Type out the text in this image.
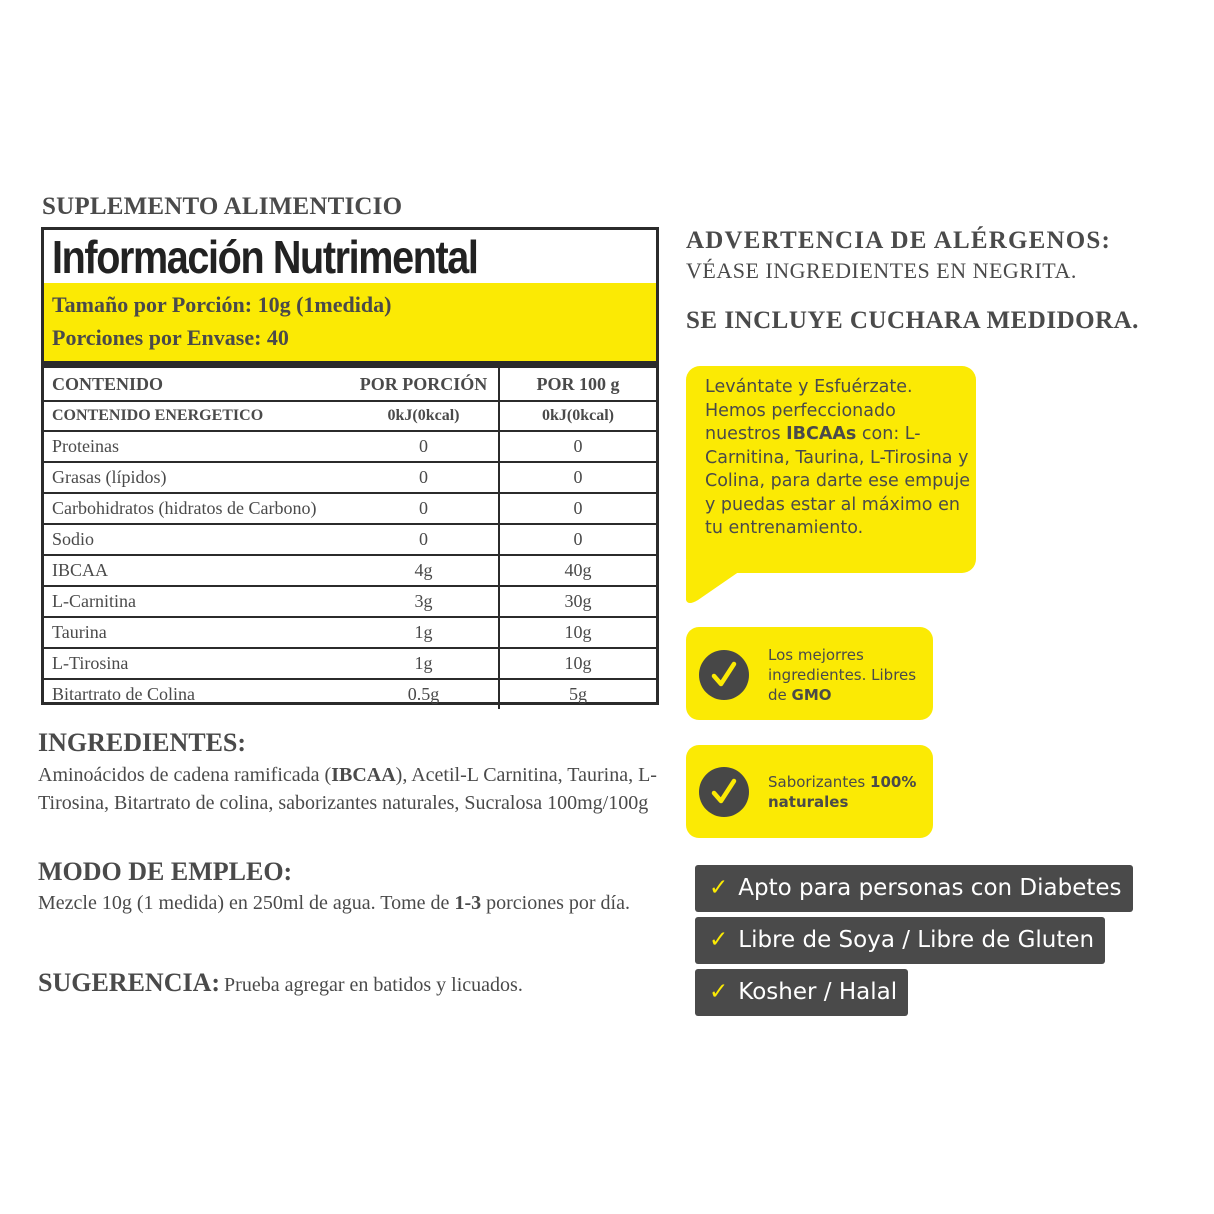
SUPLEMENTO ALIMENTICIO
Información Nutrimental
Tamaño por Porción: 10g (1medida)
Porciones por Envase: 40
CONTENIDO	POR PORCIÓN	POR 100 g
CONTENIDO ENERGETICO	0kJ(0kcal)	0kJ(0kcal)
Proteinas	0	0
Grasas (lípidos)	0	0
Carbohidratos (hidratos de Carbono)	0	0
Sodio	0	0
IBCAA	4g	40g
L-Carnitina	3g	30g
Taurina	1g	10g
L-Tirosina	1g	10g
Bitartrato de Colina	0.5g	5g
INGREDIENTES:
Aminoácidos de cadena ramificada (IBCAA), Acetil-L Carnitina, Taurina, L-Tirosina, Bitartrato de colina, saborizantes naturales, Sucralosa 100mg/100g
MODO DE EMPLEO:
Mezcle 10g (1 medida) en 250ml de agua. Tome de 1-3 porciones por día.
SUGERENCIA: Prueba agregar en batidos y licuados.
ADVERTENCIA DE ALÉRGENOS:
VÉASE INGREDIENTES EN NEGRITA.
SE INCLUYE CUCHARA MEDIDORA.
Levántate y Esfuérzate. Hemos perfeccionado nuestros IBCAAs con: L-Carnitina, Taurina, L-Tirosina y Colina, para darte ese empuje y puedas estar al máximo en tu entrenamiento.
Los mejorres ingredientes. Libres de GMO
Saborizantes 100% naturales
✓ Apto para personas con Diabetes
✓ Libre de Soya / Libre de Gluten
✓ Kosher / Halal
